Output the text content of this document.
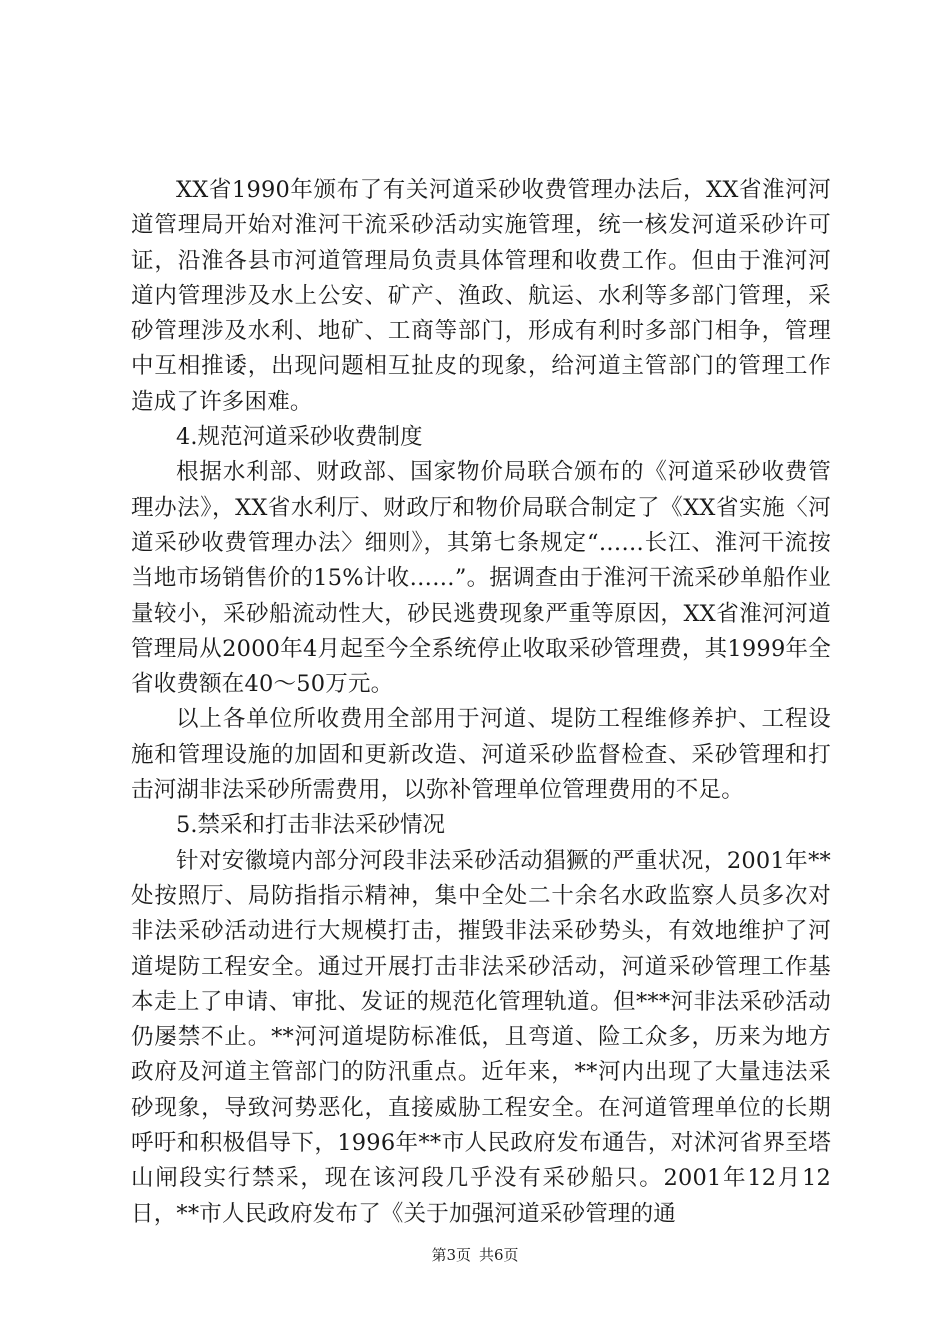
XX省1990年颁布了有关河道采砂收费管理办法后，XX省淮河河道管理局开始对淮河干流采砂活动实施管理，统一核发河道采砂许可证，沿淮各县市河道管理局负责具体管理和收费工作。但由于淮河河道内管理涉及水上公安、矿产、渔政、航运、水利等多部门管理，采砂管理涉及水利、地矿、工商等部门，形成有利时多部门相争，管理中互相推诿，出现问题相互扯皮的现象，给河道主管部门的管理工作造成了许多困难。

4.规范河道采砂收费制度

根据水利部、财政部、国家物价局联合颁布的《河道采砂收费管理办法》，XX省水利厅、财政厅和物价局联合制定了《XX省实施〈河道采砂收费管理办法〉细则》，其第七条规定“……长江、淮河干流按当地市场销售价的15%计收……”。据调查由于淮河干流采砂单船作业量较小，采砂船流动性大，砂民逃费现象严重等原因，XX省淮河河道管理局从2000年4月起至今全系统停止收取采砂管理费，其1999年全省收费额在40～50万元。

以上各单位所收费用全部用于河道、堤防工程维修养护、工程设施和管理设施的加固和更新改造、河道采砂监督检查、采砂管理和打击河湖非法采砂所需费用，以弥补管理单位管理费用的不足。

5.禁采和打击非法采砂情况

针对安徽境内部分河段非法采砂活动猖獗的严重状况，2001年**处按照厅、局防指指示精神，集中全处二十余名水政监察人员多次对非法采砂活动进行大规模打击，摧毁非法采砂势头，有效地维护了河道堤防工程安全。通过开展打击非法采砂活动，河道采砂管理工作基本走上了申请、审批、发证的规范化管理轨道。但***河非法采砂活动仍屡禁不止。**河河道堤防标准低，且弯道、险工众多，历来为地方政府及河道主管部门的防汛重点。近年来，**河内出现了大量违法采砂现象，导致河势恶化，直接威胁工程安全。在河道管理单位的长期呼吁和积极倡导下，1996年**市人民政府发布通告，对沭河省界至塔山闸段实行禁采，现在该河段几乎没有采砂船只。2001年12月12日，**市人民政府发布了《关于加强河道采砂管理的通

第3页 共6页
